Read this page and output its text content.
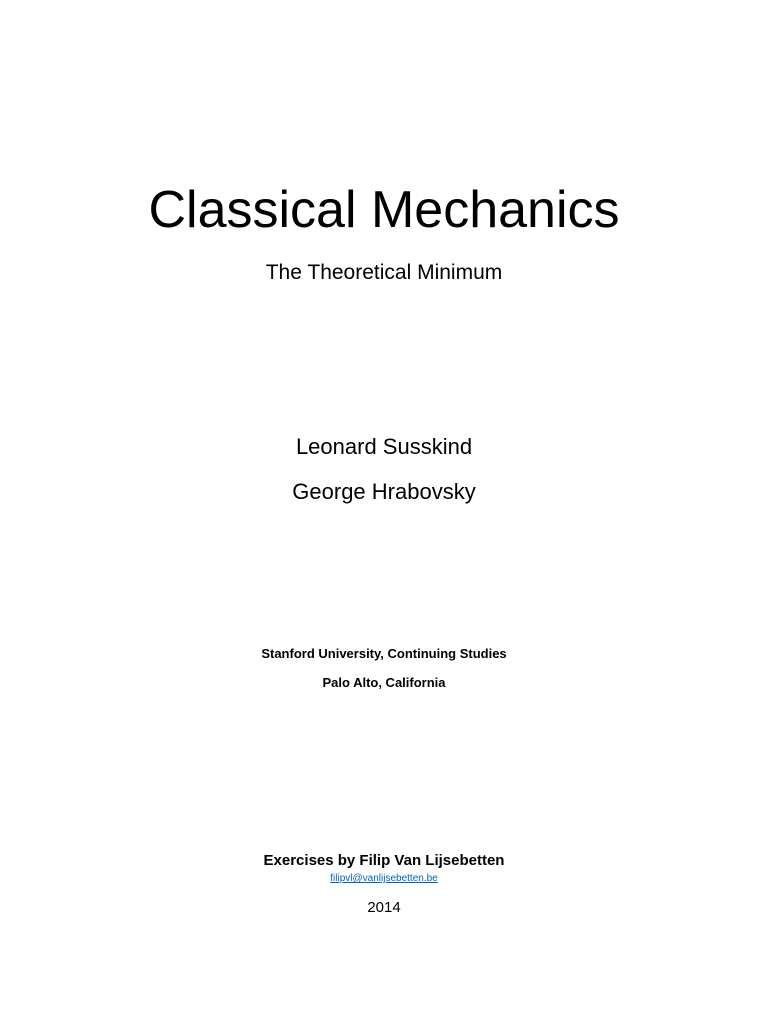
Classical Mechanics
The Theoretical Minimum
Leonard Susskind
George Hrabovsky
Stanford University, Continuing Studies
Palo Alto, California
Exercises by Filip Van Lijsebetten
filipvl@vanlijsebetten.be
2014
